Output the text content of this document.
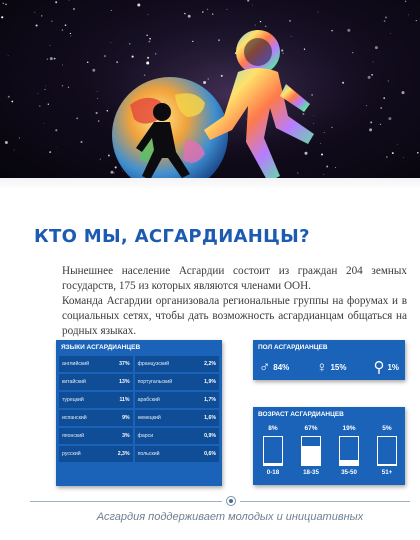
КТО МЫ, АСГАРДИАНЦЫ?

Нынешнее население Асгардии состоит из граждан 204 земных государств, 175 из которых являются членами ООН.

Команда Асгардии организовала региональные группы на форумах и в социальных сетях, чтобы дать возможность асгардианцам общаться на родных языках.

ЯЗЫКИ АСГАРДИАНЦЕВ
английский	37%		французский	2,2%
китайский	13%		португальский	1,9%
турецкий	11%		арабский	1,7%
испанский	9%		немецкий	1,6%
японский	3%		фарси	0,9%
русский	2,3%		польский	0,6%
ПОЛ АСГАРДИАНЦЕВ
♂ 84% ♀ 15% ⚲ 1%
ВОЗРАСТ АСГАРДИАНЦЕВ
8%
0-18
67%
18-35
19%
35-50
5%
51+

Асгардия поддерживает молодых и инициативных
